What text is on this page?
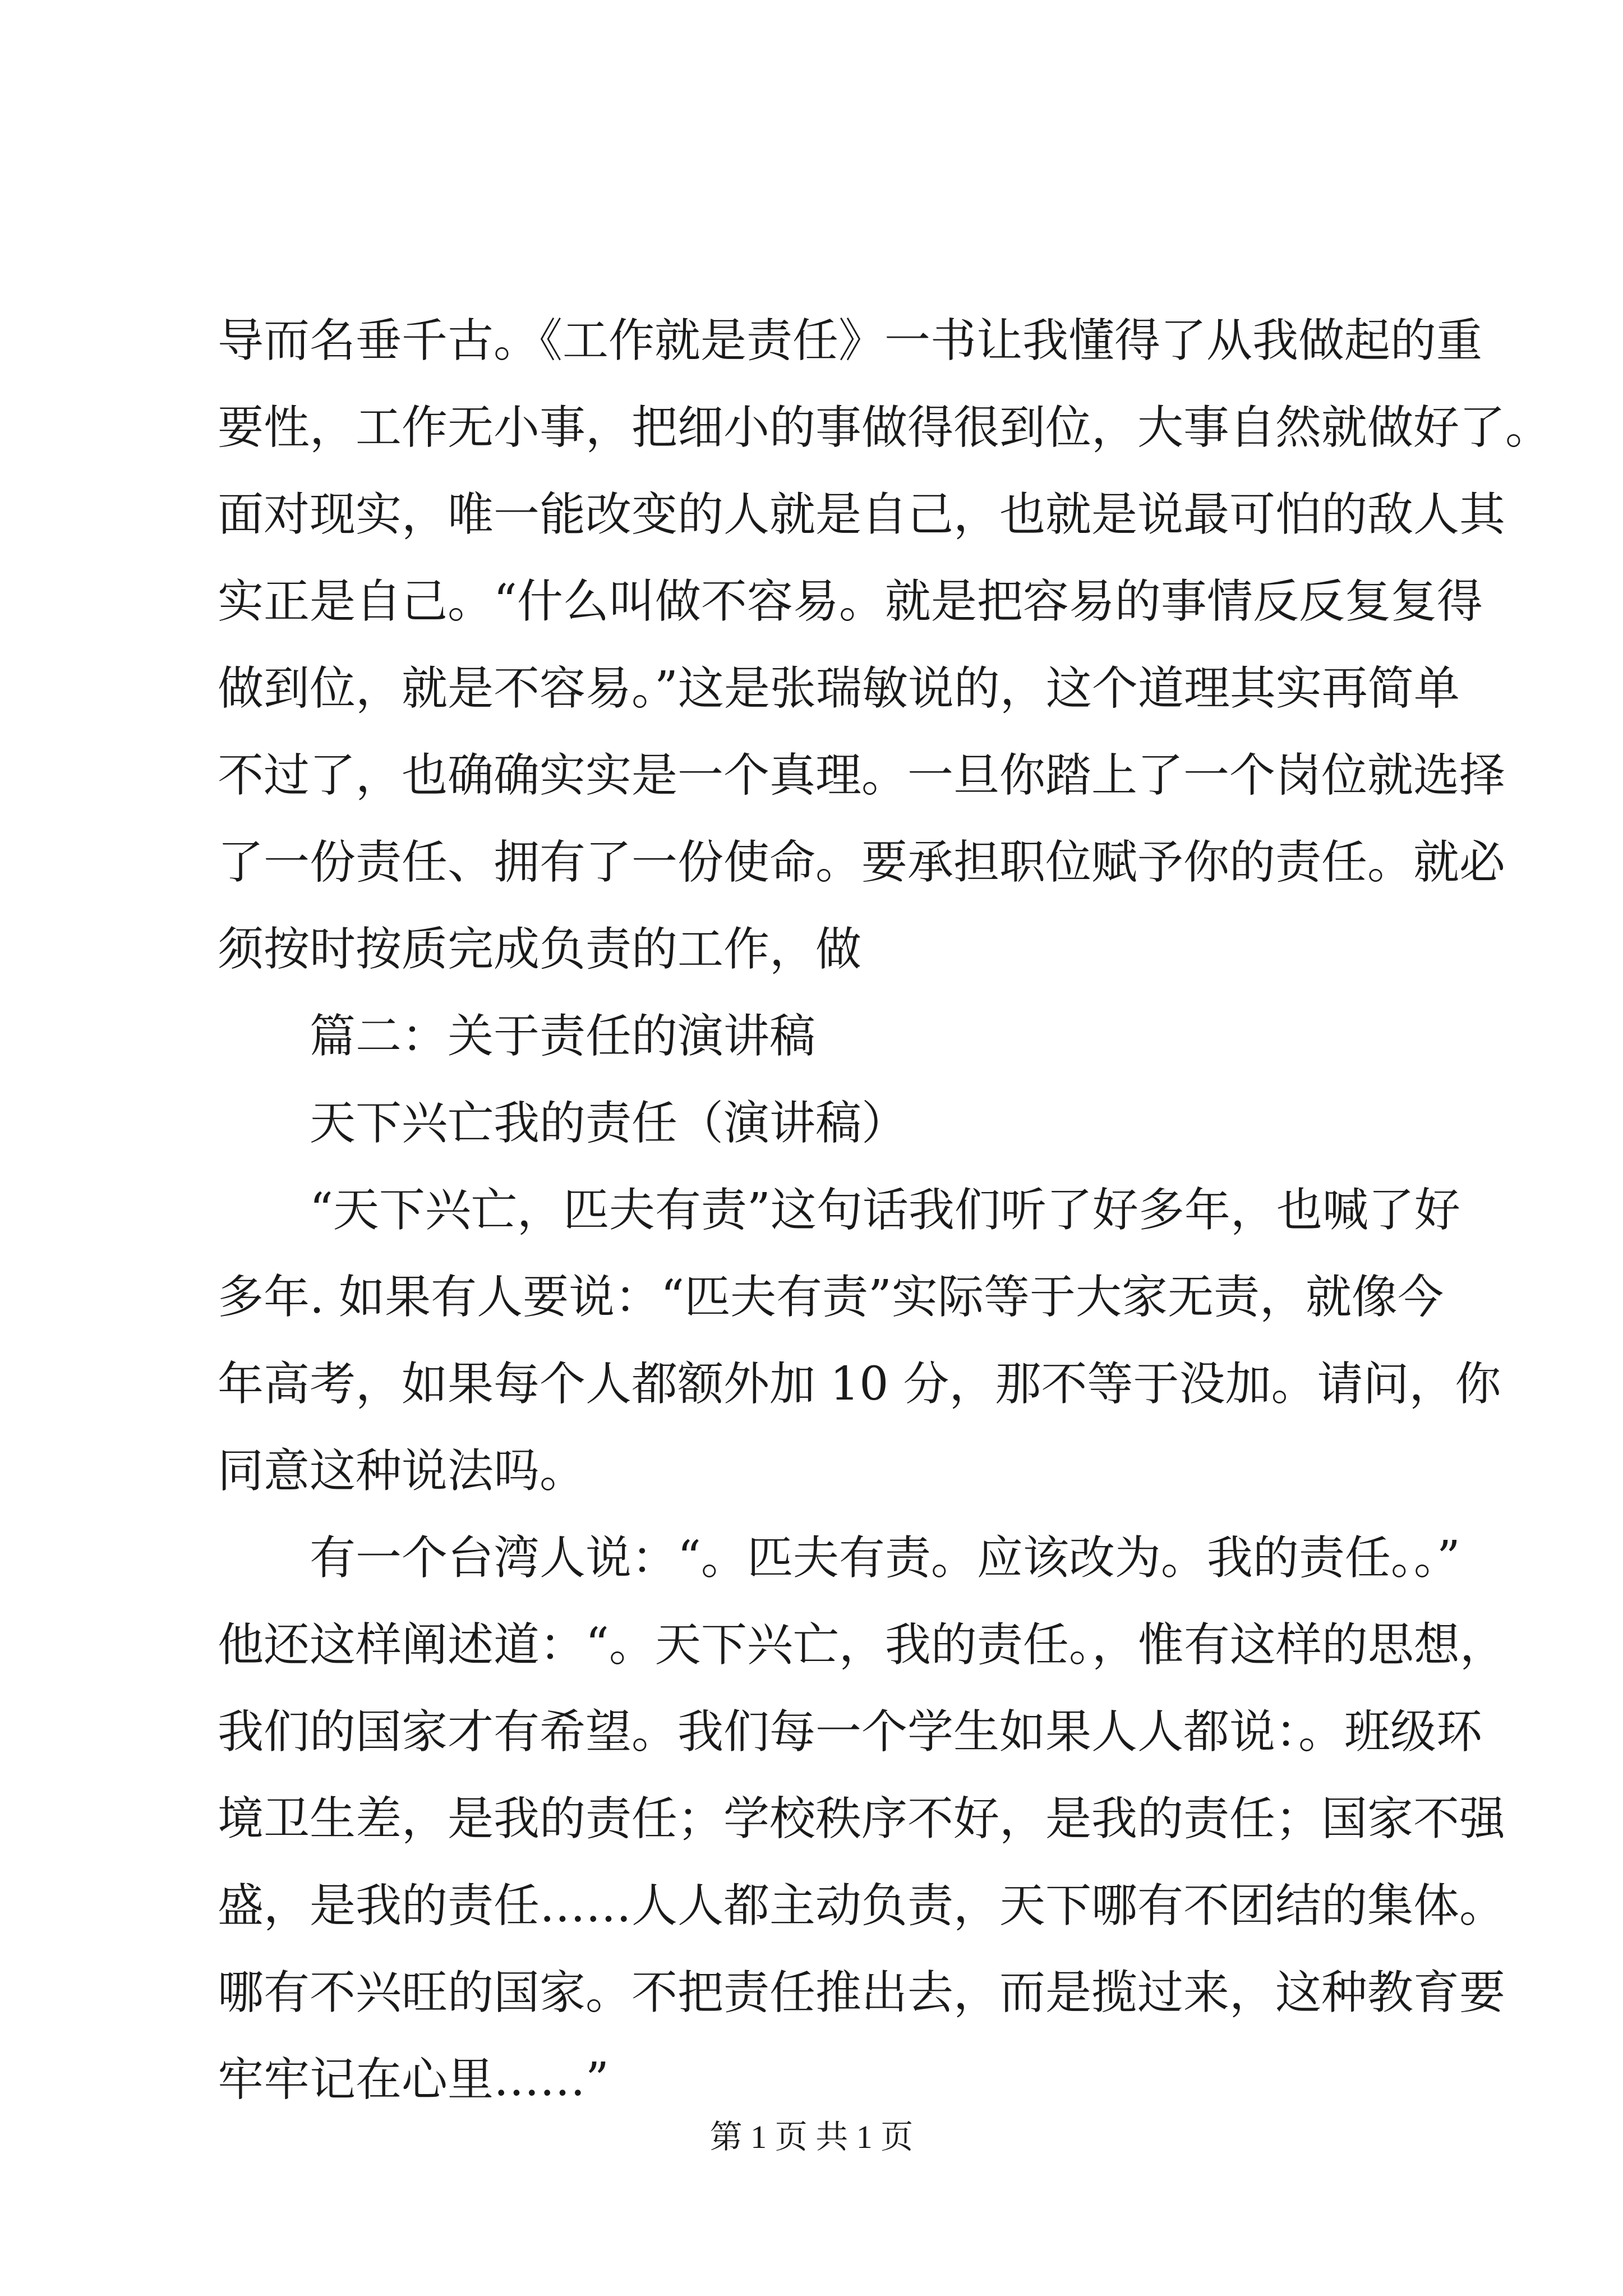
导而名垂千古。《工作就是责任》一书让我懂得了从我做起的重
要性，工作无小事，把细小的事做得很到位，大事自然就做好了。
面对现实，唯一能改变的人就是自己，也就是说最可怕的敌人其
实正是自己。“什么叫做不容易。就是把容易的事情反反复复得
做到位，就是不容易。”这是张瑞敏说的，这个道理其实再简单
不过了，也确确实实是一个真理。一旦你踏上了一个岗位就选择
了一份责任、拥有了一份使命。要承担职位赋予你的责任。就必
须按时按质完成负责的工作，做
篇二：关于责任的演讲稿
天下兴亡我的责任（演讲稿）
“天下兴亡，匹夫有责”这句话我们听了好多年，也喊了好
多年. 如果有人要说：“匹夫有责”实际等于大家无责，就像今
年高考，如果每个人都额外加 10 分，那不等于没加。请问，你
同意这种说法吗。
有一个台湾人说：“。匹夫有责。应该改为。我的责任。。”
他还这样阐述道：“。天下兴亡，我的责任。，惟有这样的思想，
我们的国家才有希望。我们每一个学生如果人人都说：。班级环
境卫生差，是我的责任；学校秩序不好，是我的责任；国家不强
盛，是我的责任……人人都主动负责，天下哪有不团结的集体。
哪有不兴旺的国家。不把责任推出去，而是揽过来，这种教育要
牢牢记在心里……”
第 1 页 共 1 页
